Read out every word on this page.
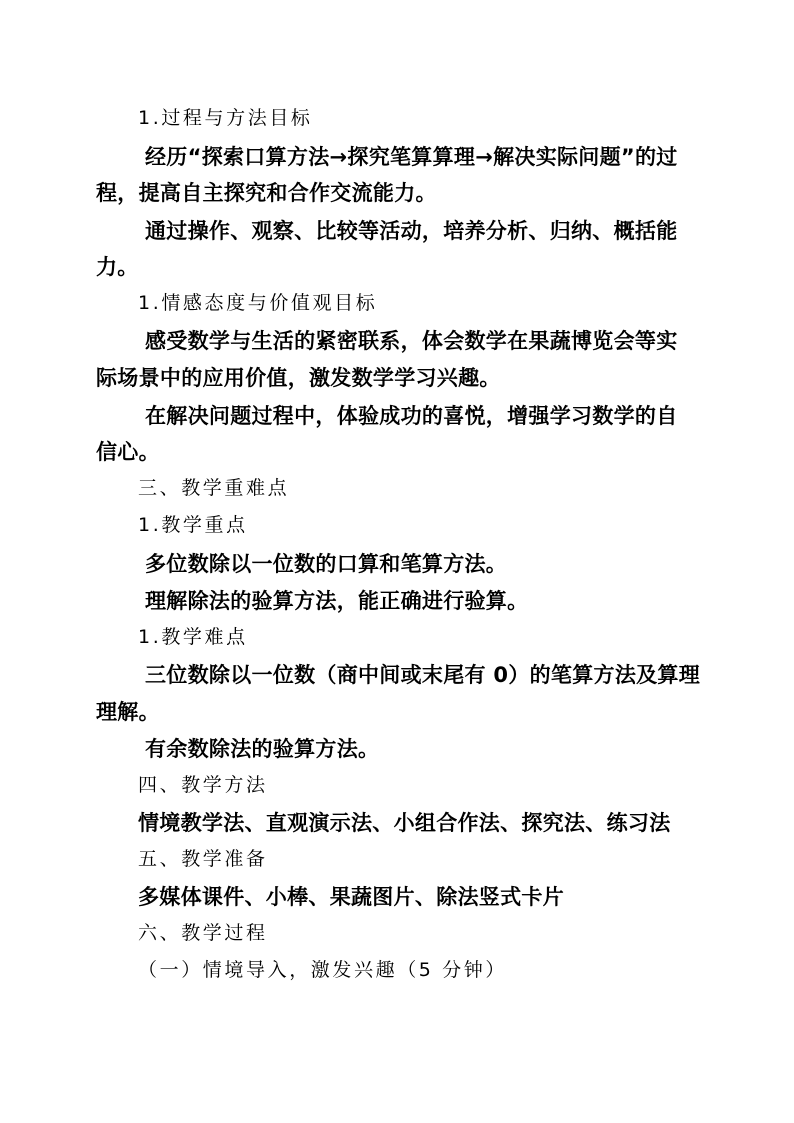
1.过程与方法目标
经历“探索口算方法→探究笔算算理→解决实际问题”的过
程，提高自主探究和合作交流能力。
通过操作、观察、比较等活动，培养分析、归纳、概括能
力。
1.情感态度与价值观目标
感受数学与生活的紧密联系，体会数学在果蔬博览会等实
际场景中的应用价值，激发数学学习兴趣。
在解决问题过程中，体验成功的喜悦，增强学习数学的自
信心。
三、教学重难点
1.教学重点
多位数除以一位数的口算和笔算方法。
理解除法的验算方法，能正确进行验算。
1.教学难点
三位数除以一位数（商中间或末尾有 0）的笔算方法及算理
理解。
有余数除法的验算方法。
四、教学方法
情境教学法、直观演示法、小组合作法、探究法、练习法
五、教学准备
多媒体课件、小棒、果蔬图片、除法竖式卡片
六、教学过程
（一）情境导入，激发兴趣（5 分钟）
